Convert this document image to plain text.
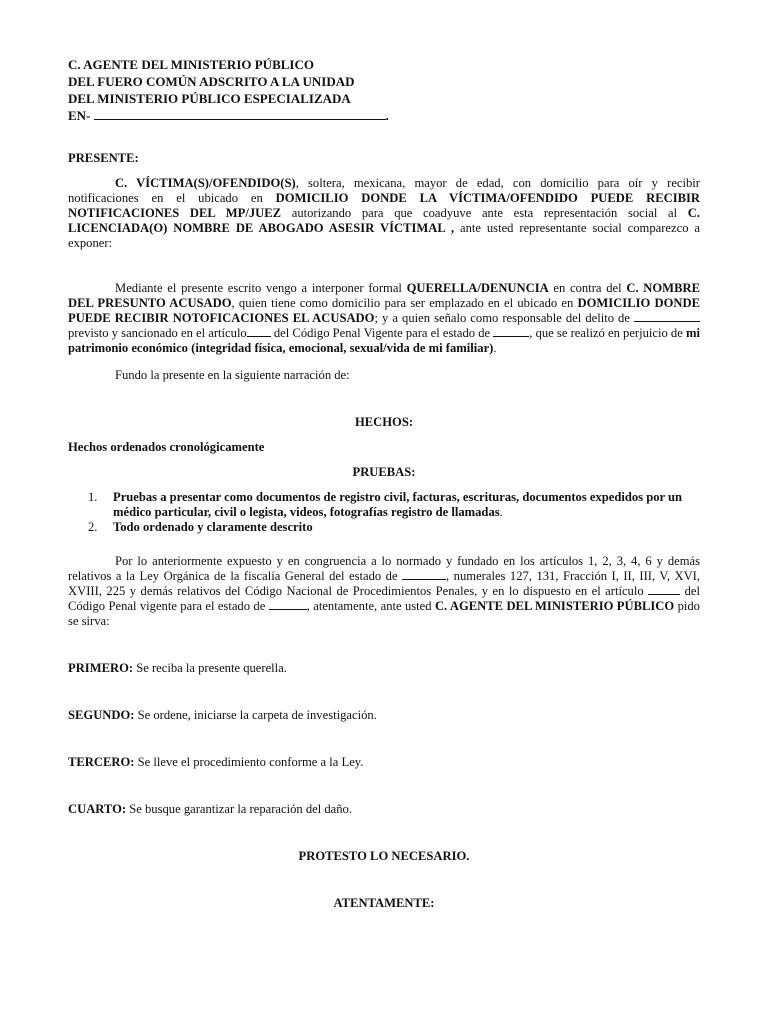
C. AGENTE DEL MINISTERIO PÚBLICO
DEL FUERO COMÚN ADSCRITO A LA UNIDAD
DEL MINISTERIO PÚBLICO ESPECIALIZADA
EN-	.
PRESENTE:

C. VÍCTIMA(S)/OFENDIDO(S), soltera, mexicana, mayor de edad, con domicilio para oír y recibir notificaciones en el ubicado en DOMICILIO DONDE LA VÍCTIMA/OFENDIDO PUEDE RECIBIR NOTIFICACIONES DEL MP/JUEZ autorizando para que coadyuve ante esta representación social al C. LICENCIADA(O) NOMBRE DE ABOGADO ASESIR VÍCTIMAL , ante usted representante social comparezco a exponer:

Mediante el presente escrito vengo a interponer formal QUERELLA/DENUNCIA en contra del C. NOMBRE DEL PRESUNTO ACUSADO, quien tiene como domicilio para ser emplazado en el ubicado en DOMICILIO DONDE PUEDE RECIBIR NOTOFICACIONES EL ACUSADO; y a quien señalo como responsable del delito de  previsto y sancionado en el artículo del Código Penal Vigente para el estado de	, que se realizó en perjuicio de mi patrimonio económico (integridad física, emocional, sexual/vida de mi familiar).

Fundo la presente en la siguiente narración de:

HECHOS:
Hechos ordenados cronológicamente
PRUEBAS:
1. Pruebas a presentar como documentos de registro civil, facturas, escrituras, documentos expedidos por un médico particular, civil o legista, videos, fotografías registro de llamadas.
2. Todo ordenado y claramente descrito

Por lo anteriormente expuesto y en congruencia a lo normado y fundado en los artículos 1, 2, 3, 4, 6 y demás relativos a la Ley Orgánica de la fiscalía General del estado de	, numerales 127, 131, Fracción I, II, III, V, XVI, XVIII, 225 y demás relativos del Código Nacional de Procedimientos Penales, y en lo dispuesto en el artículo	del Código Penal vigente para el estado de	, atentamente, ante usted C. AGENTE DEL MINISTERIO PÚBLICO pido se sirva:

PRIMERO: Se reciba la presente querella.

SEGUNDO: Se ordene, iniciarse la carpeta de investigación.

TERCERO: Se lleve el procedimiento conforme a la Ley.

CUARTO: Se busque garantizar la reparación del daño.

PROTESTO LO NECESARIO.
ATENTAMENTE:
